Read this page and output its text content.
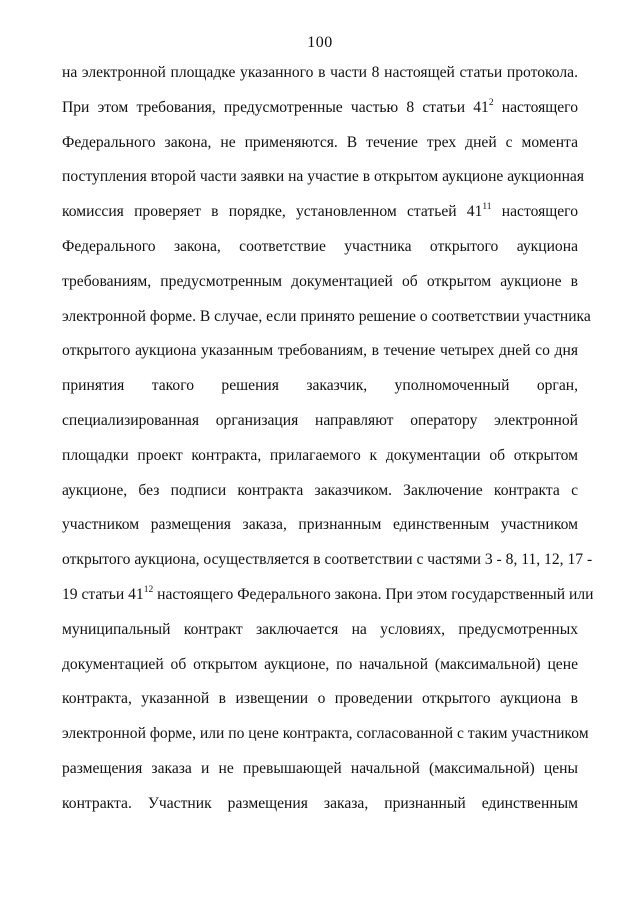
100
на электронной площадке указанного в части 8 настоящей статьи протокола.
При этом требования, предусмотренные частью 8 статьи $41^2$ настоящего
Федерального закона, не применяются. В течение трех дней с момента
поступления второй части заявки на участие в открытом аукционе аукционная
комиссия проверяет в порядке, установленном статьей $41^{11}$ настоящего
Федерального закона, соответствие участника открытого аукциона
требованиям, предусмотренным документацией об открытом аукционе в
электронной форме. В случае, если принято решение о соответствии участника
открытого аукциона указанным требованиям, в течение четырех дней со дня
принятия такого решения заказчик, уполномоченный орган,
специализированная организация направляют оператору электронной
площадки проект контракта, прилагаемого к документации об открытом
аукционе, без подписи контракта заказчиком. Заключение контракта с
участником размещения заказа, признанным единственным участником
открытого аукциона, осуществляется в соответствии с частями 3 - 8, 11, 12, 17 -
19 статьи $41^{12}$ настоящего Федерального закона. При этом государственный или
муниципальный контракт заключается на условиях, предусмотренных
документацией об открытом аукционе, по начальной (максимальной) цене
контракта, указанной в извещении о проведении открытого аукциона в
электронной форме, или по цене контракта, согласованной с таким участником
размещения заказа и не превышающей начальной (максимальной) цены
контракта. Участник размещения заказа, признанный единственным
